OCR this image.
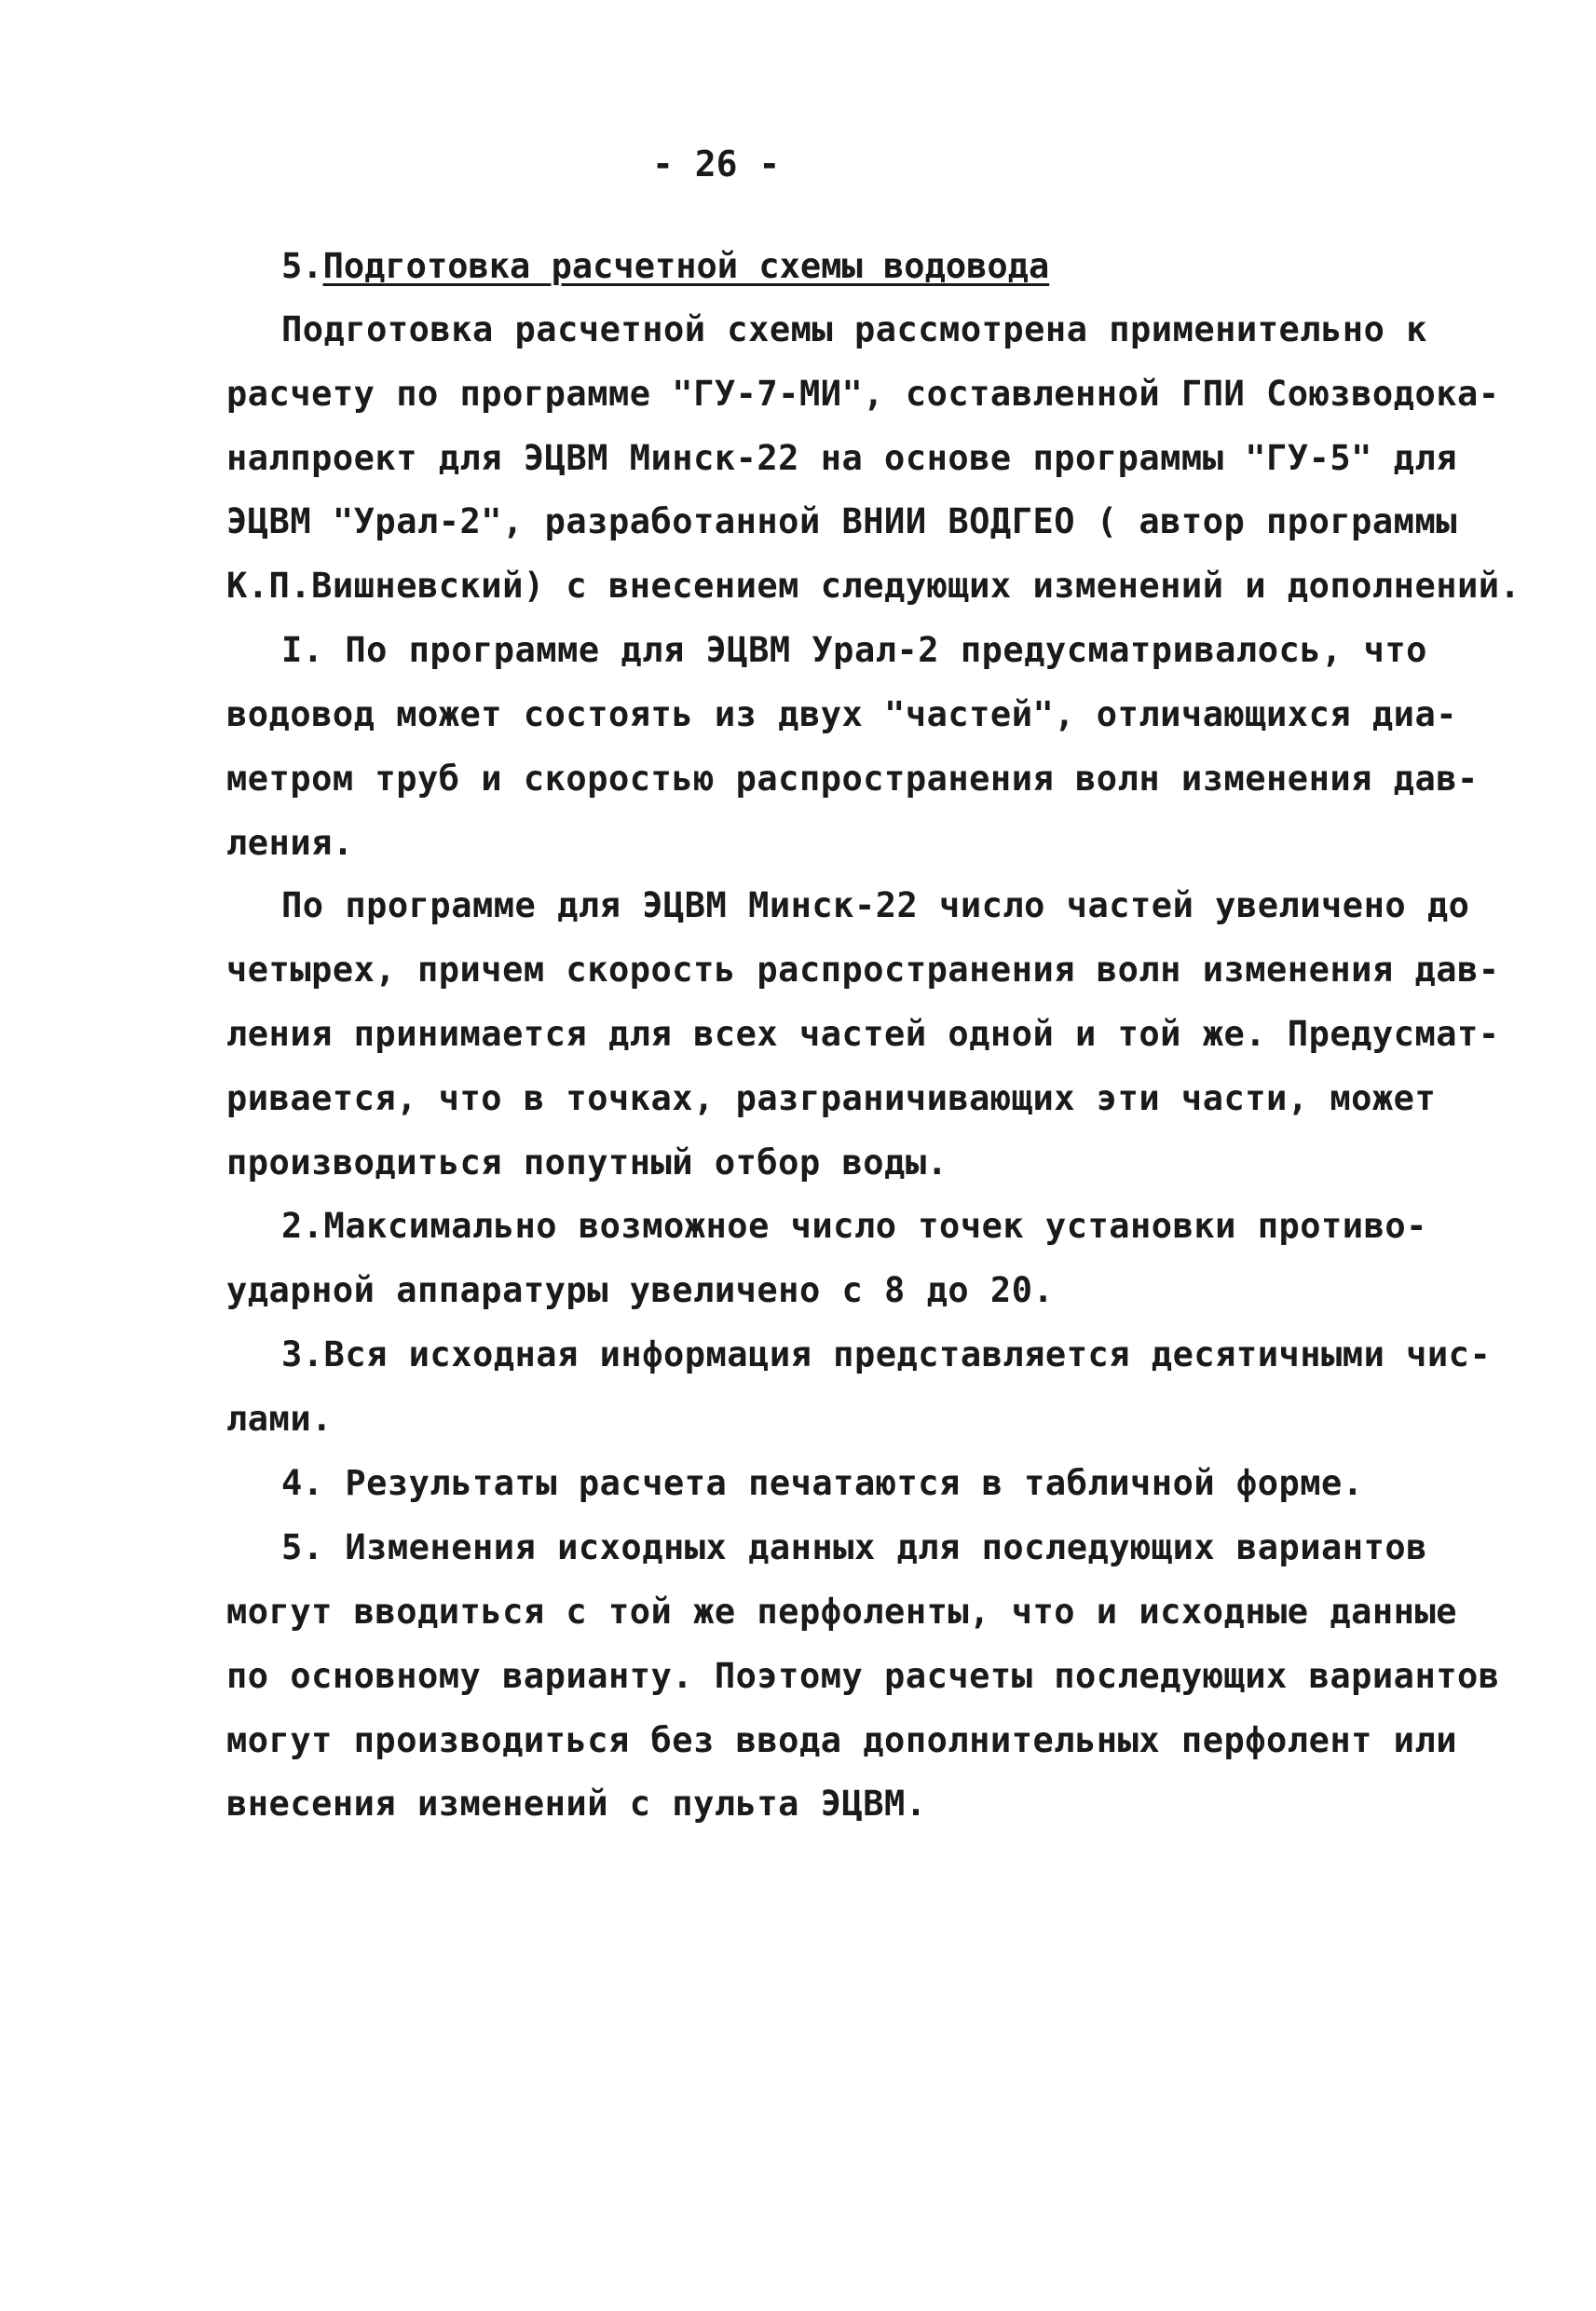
- 26 -
5.Подготовка расчетной схемы водовода
Подготовка расчетной схемы рассмотрена применительно к
расчету по программе "ГУ-7-МИ", составленной ГПИ Союзводока-
налпроект для ЭЦВМ Минск-22 на основе программы "ГУ-5" для
ЭЦВМ "Урал-2", разработанной ВНИИ ВОДГЕО ( автор программы
К.П.Вишневский) с внесением следующих изменений и дополнений.
I. По программе для ЭЦВМ Урал-2 предусматривалось, что
водовод может состоять из двух "частей", отличающихся диа-
метром труб и скоростью распространения волн изменения дав-
ления.
По программе для ЭЦВМ Минск-22 число частей увеличено до
четырех, причем скорость распространения волн изменения дав-
ления принимается для всех частей одной и той же. Предусмат-
ривается, что в точках, разграничивающих эти части, может
производиться попутный отбор воды.
2.Максимально возможное число точек установки противо-
ударной аппаратуры увеличено с 8 до 20.
3.Вся исходная информация представляется десятичными чис-
лами.
4. Результаты расчета печатаются в табличной форме.
5. Изменения исходных данных для последующих вариантов
могут вводиться с той же перфоленты, что и исходные данные
по основному варианту. Поэтому расчеты последующих вариантов
могут производиться без ввода дополнительных перфолент или
внесения изменений с пульта ЭЦВМ.
